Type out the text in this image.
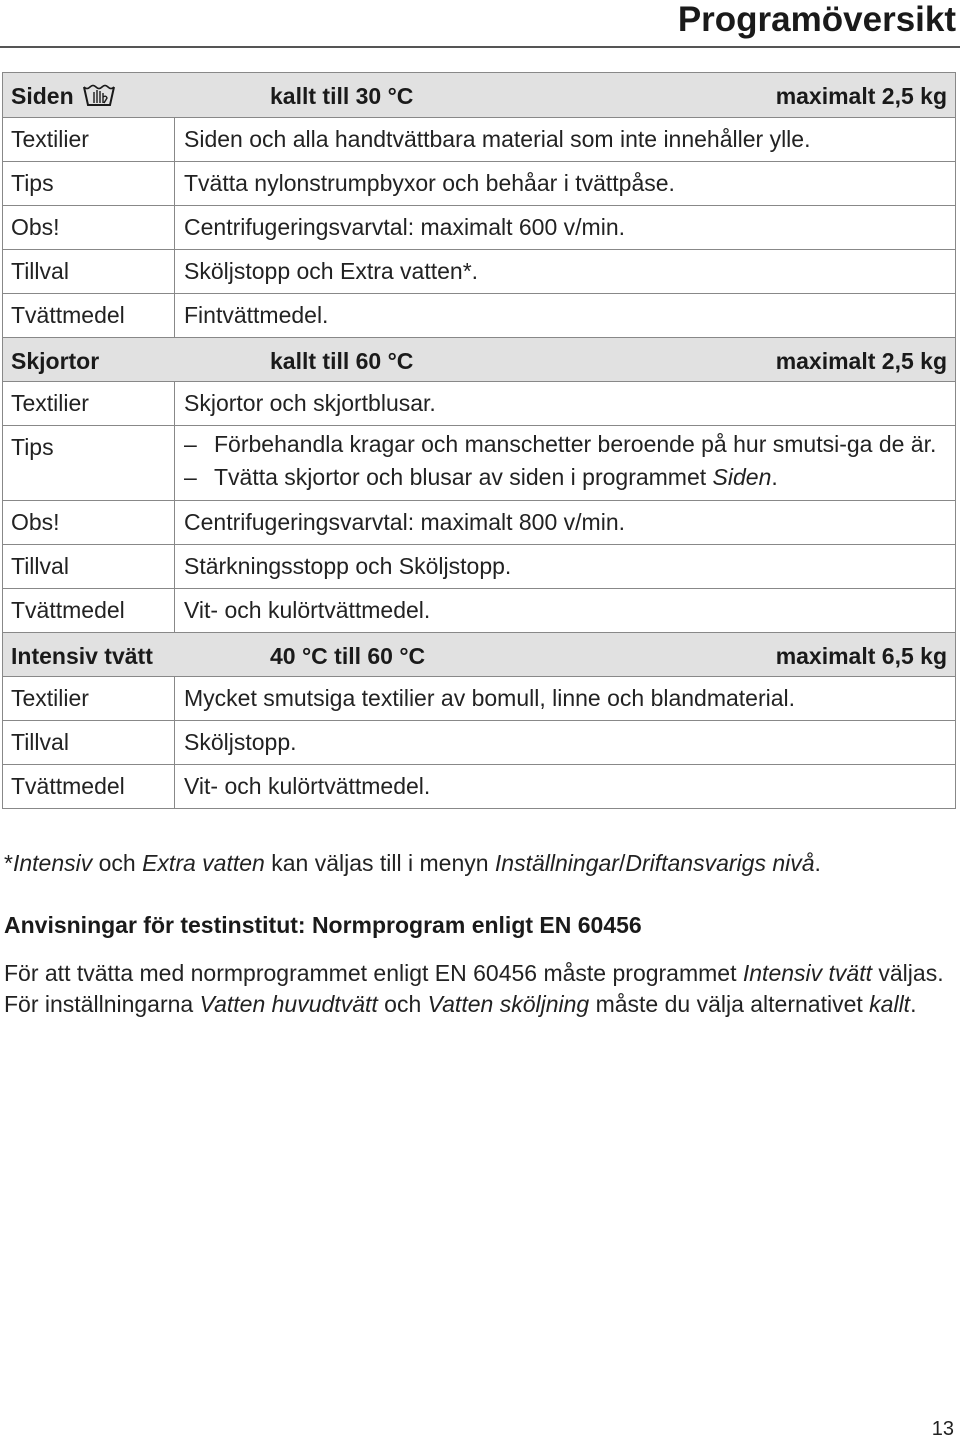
Programöversikt
Siden	kallt till 30 °C	maximalt 2,5 kg
Textilier	Siden och alla handtvättbara material som inte innehåller ylle.
Tips	Tvätta nylonstrumpbyxor och behåar i tvättpåse.
Obs!	Centrifugeringsvarvtal: maximalt 600 v/min.
Tillval	Sköljstopp och Extra vatten*.
Tvättmedel	Fintvättmedel.
Skjortor	kallt till 60 °C	maximalt 2,5 kg
Textilier	Skjortor och skjortblusar.
Tips
–	Förbehandla kragar och manschetter beroende på hur smutsi-ga de är.
– Tvätta skjortor och blusar av siden i programmet Siden.
Obs!	Centrifugeringsvarvtal: maximalt 800 v/min.
Tillval	Stärkningsstopp och Sköljstopp.
Tvättmedel	Vit- och kulörtvättmedel.
Intensiv tvätt	40 °C till 60 °C	maximalt 6,5 kg
Textilier	Mycket smutsiga textilier av bomull, linne och blandmaterial.
Tillval	Sköljstopp.
Tvättmedel	Vit- och kulörtvättmedel.
*Intensiv och Extra vatten kan väljas till i menyn Inställningar/Driftansvarigs nivå.
Anvisningar för testinstitut: Normprogram enligt EN 60456
För att tvätta med normprogrammet enligt EN 60456 måste programmet Intensiv tvätt väljas. För inställningarna Vatten huvudtvätt och Vatten sköljning måste du välja alternativet kallt.
13
